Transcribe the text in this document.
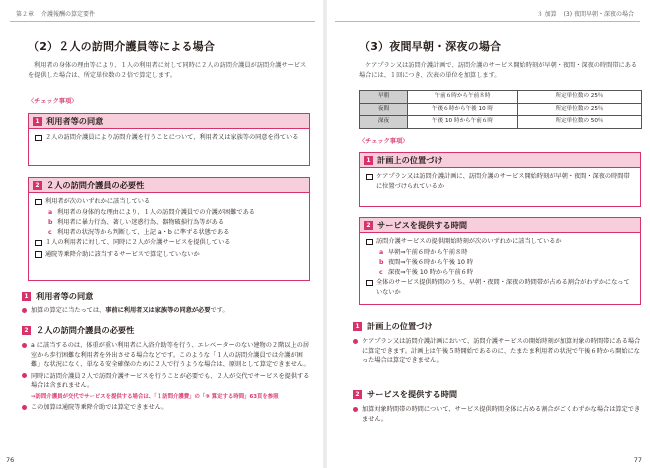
第２章 介護報酬の算定要件
（2）２人の訪問介護員等による場合
利用者の身体の理由等により、１人の利用者に対して同時に２人の訪問介護員が訪問介護サービスを提供した場合は、所定単位数の２倍で算定します。
〈チェック事項〉
1 利用者等の同意
２人の訪問介護員により訪問介護を行うことについて、利用者又は家族等の同意を得ている
2 ２人の訪問介護員の必要性
利用者が次のいずれかに該当している
a 利用者の身体的な理由により、１人の訪問介護員での介護が困難である
b 利用者に暴力行為、著しい迷惑行為、器物破損行為等がある
c 利用者の状況等から判断して、上記 a・b に準ずる状態である
１人の利用者に対して、同時に２人が介護サービスを提供している
通院等乗降介助に該当するサービスで算定していないか
1 利用者等の同意
加算の算定に当たっては、事前に利用者又は家族等の同意が必要です。
2 ２人の訪問介護員の必要性
a に該当するのは、体重が重い利用者に入浴介助等を行う、エレベーターのない建物の２階以上の居室から歩行困難な利用者を外出させる場合などです。このような「１人の訪問介護員では介護が困難」な状況になく、単なる安全確保のために２人で行うような場合は、原則として算定できません。
同時に訪問介護員２人で訪問介護サービスを行うことが必要でも、２人が交代でサービスを提供する場合は含まれません。
⇒訪問介護員が交代でサービスを提供する場合は、「１訪問介護費」の「⑨ 算定する時間」63頁を参照
この加算は通院等乗降介助では算定できません。
76
３ 加算 (3) 夜間早朝・深夜の場合
（3）夜間早朝・深夜の場合
ケアプラン又は訪問介護計画で、訪問介護のサービス開始時刻が早朝・夜間・深夜の時間帯にある場合には、１回につき、次表の単位を加算します。
早朝	午前６時から午前８時	所定単位数の 25％
夜間	午後６時から午後 10 時	所定単位数の 25％
深夜	午後 10 時から午前６時	所定単位数の 50％
〈チェック事項〉
1 計画上の位置づけ
ケアプラン又は訪問介護計画に、訪問介護のサービス開始時刻が早朝・夜間・深夜の時間帯に位置づけられているか
2 サービスを提供する時間
訪問介護サービスの提供開始時刻が次のいずれかに該当しているか
a 早朝⇒午前６時から午前８時
b 夜間⇒午後６時から午後 10 時
c 深夜⇒午後 10 時から午前６時
全体のサービス提供時間のうち、早朝・夜間・深夜の時間帯が占める割合がわずかになっていないか
1 計画上の位置づけ
ケアプラン又は訪問介護計画において、訪問介護サービスの開始時刻が加算対象の時間帯にある場合に算定できます。計画上は午後５時開始であるのに、たまたま利用者の状況で午後６時から開始になった場合は算定できません。
2 サービスを提供する時間
加算対象時間帯の時間について、サービス提供時間全体に占める割合がごくわずかな場合は算定できません。
77
